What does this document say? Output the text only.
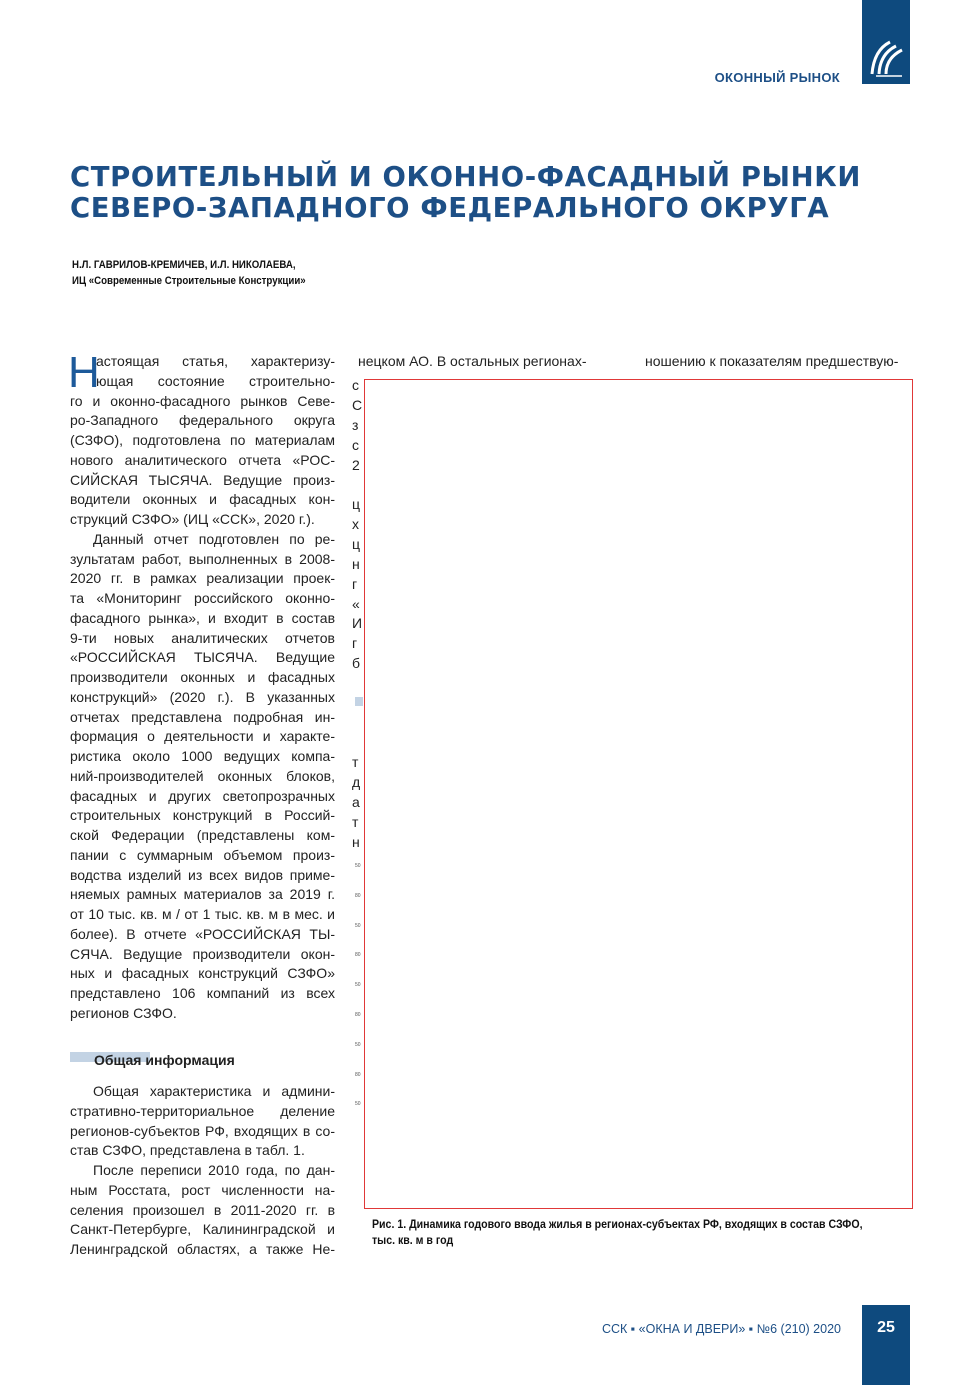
ОКОННЫЙ РЫНОК
СТРОИТЕЛЬНЫЙ И ОКОННО-ФАСАДНЫЙ РЫНКИ
СЕВЕРО-ЗАПАДНОГО ФЕДЕРАЛЬНОГО ОКРУГА
Н.Л. ГАВРИЛОВ-КРЕМИЧЕВ, И.Л. НИКОЛАЕВА,
ИЦ «Современные Строительные Конструкции»
Н
астоящая статья, характеризу-
ющая состояние строительно-
го и оконно-фасадного рынков Севе-
ро-Западного федерального округа
(СЗФО), подготовлена по материалам
нового аналитического отчета «РОС-
СИЙСКАЯ ТЫСЯЧА. Ведущие произ-
водители оконных и фасадных кон-
струкций СЗФО» (ИЦ «ССК», 2020 г.).
Данный отчет подготовлен по ре-
зультатам работ, выполненных в 2008-
2020 гг. в рамках реализации проек-
та «Мониторинг российского оконно-
фасадного рынка», и входит в состав
9-ти новых аналитических отчетов
«РОССИЙСКАЯ ТЫСЯЧА. Ведущие
производители оконных и фасадных
конструкций» (2020 г.). В указанных
отчетах представлена подробная ин-
формация о деятельности и характе-
ристика около 1000 ведущих компа-
ний-производителей оконных блоков,
фасадных и других светопрозрачных
строительных конструкций в Россий-
ской Федерации (представлены ком-
пании с суммарным объемом произ-
водства изделий из всех видов приме-
няемых рамных материалов за 2019 г.
от 10 тыс. кв. м / от 1 тыс. кв. м в мес. и
более). В отчете «РОССИЙСКАЯ ТЫ-
СЯЧА. Ведущие производители окон-
ных и фасадных конструкций СЗФО»
представлено 106 компаний из всех
регионов СЗФО.
Общая информация
Общая характеристика и админи-
стративно-территориальное деление
регионов-субъектов РФ, входящих в со-
став СЗФО, представлена в табл. 1.
После переписи 2010 года, по дан-
ным Росстата, рост численности на-
селения произошел в 2011-2020 гг. в
Санкт-Петербурге, Калининградской и
Ленинградской областях, а также Не-
нецком АО. В остальных регионах-	ношению к показателям предшествую-
с
С
з
с
2
ц
х
ц
н
г
«
И
г
б
т
д
а
т
н
50
80
50
80
50
80
50
80
50
Рис. 1. Динамика годового ввода жилья в регионах-субъектах РФ, входящих в состав СЗФО, тыс. кв. м в год
ССК ▪ «ОКНА И ДВЕРИ» ▪ №6 (210) 2020	25
